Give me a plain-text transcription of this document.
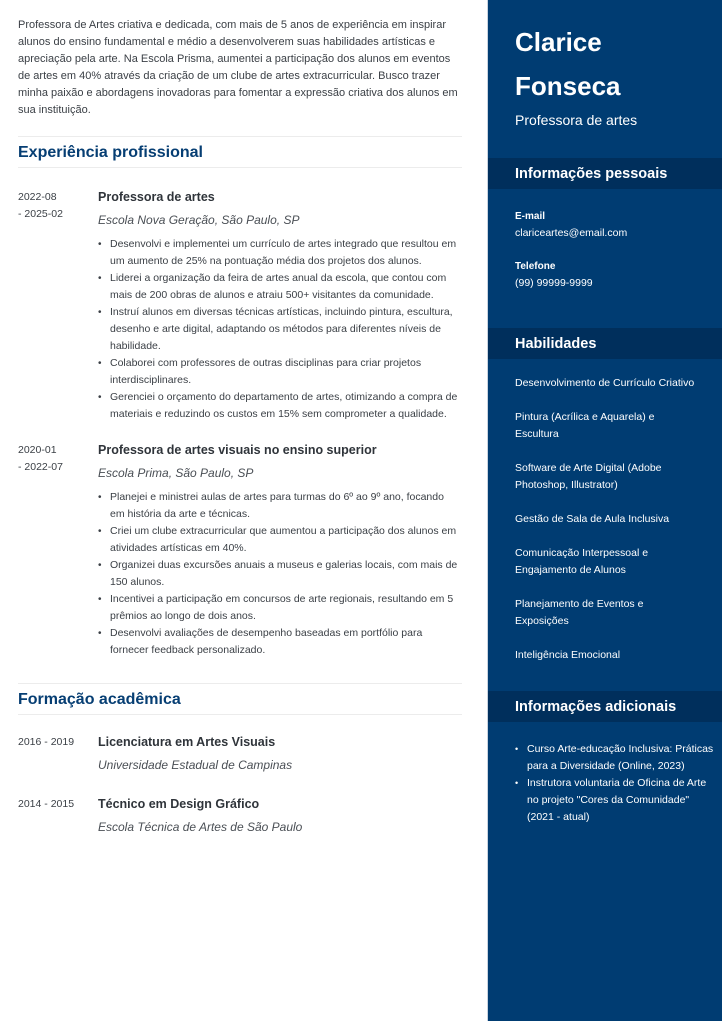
Professora de Artes criativa e dedicada, com mais de 5 anos de experiência em inspirar alunos do ensino fundamental e médio a desenvolverem suas habilidades artísticas e apreciação pela arte. Na Escola Prisma, aumentei a participação dos alunos em eventos de artes em 40% através da criação de um clube de artes extracurricular. Busco trazer minha paixão e abordagens inovadoras para fomentar a expressão criativa dos alunos em sua instituição.

Experiência profissional
2022-08
- 2025-02
Professora de artes
Escola Nova Geração, São Paulo, SP
• Desenvolvi e implementei um currículo de artes integrado que resultou em um aumento de 25% na pontuação média dos projetos dos alunos.
• Liderei a organização da feira de artes anual da escola, que contou com mais de 200 obras de alunos e atraiu 500+ visitantes da comunidade.
• Instruí alunos em diversas técnicas artísticas, incluindo pintura, escultura, desenho e arte digital, adaptando os métodos para diferentes níveis de habilidade.
• Colaborei com professores de outras disciplinas para criar projetos interdisciplinares.
• Gerenciei o orçamento do departamento de artes, otimizando a compra de materiais e reduzindo os custos em 15% sem comprometer a qualidade.
2020-01
- 2022-07
Professora de artes visuais no ensino superior
Escola Prima, São Paulo, SP
• Planejei e ministrei aulas de artes para turmas do 6º ao 9º ano, focando em história da arte e técnicas.
• Criei um clube extracurricular que aumentou a participação dos alunos em atividades artísticas em 40%.
• Organizei duas excursões anuais a museus e galerias locais, com mais de 150 alunos.
• Incentivei a participação em concursos de arte regionais, resultando em 5 prêmios ao longo de dois anos.
• Desenvolvi avaliações de desempenho baseadas em portfólio para fornecer feedback personalizado.
Formação acadêmica
2016 - 2019	Licenciatura em Artes Visuais
Universidade Estadual de Campinas
2014 - 2015	Técnico em Design Gráfico
Escola Técnica de Artes de São Paulo
Clarice
Fonseca
Professora de artes
Informações pessoais
E-mail
clariceartes@email.com
Telefone
(99) 99999-9999
Habilidades
Desenvolvimento de Currículo Criativo
Pintura (Acrílica e Aquarela) e Escultura
Software de Arte Digital (Adobe Photoshop, Illustrator)
Gestão de Sala de Aula Inclusiva
Comunicação Interpessoal e Engajamento de Alunos
Planejamento de Eventos e Exposições
Inteligência Emocional
Informações adicionais
• Curso Arte-educação Inclusiva: Práticas para a Diversidade (Online, 2023)
• Instrutora voluntaria de Oficina de Arte no projeto "Cores da Comunidade" (2021 - atual)
